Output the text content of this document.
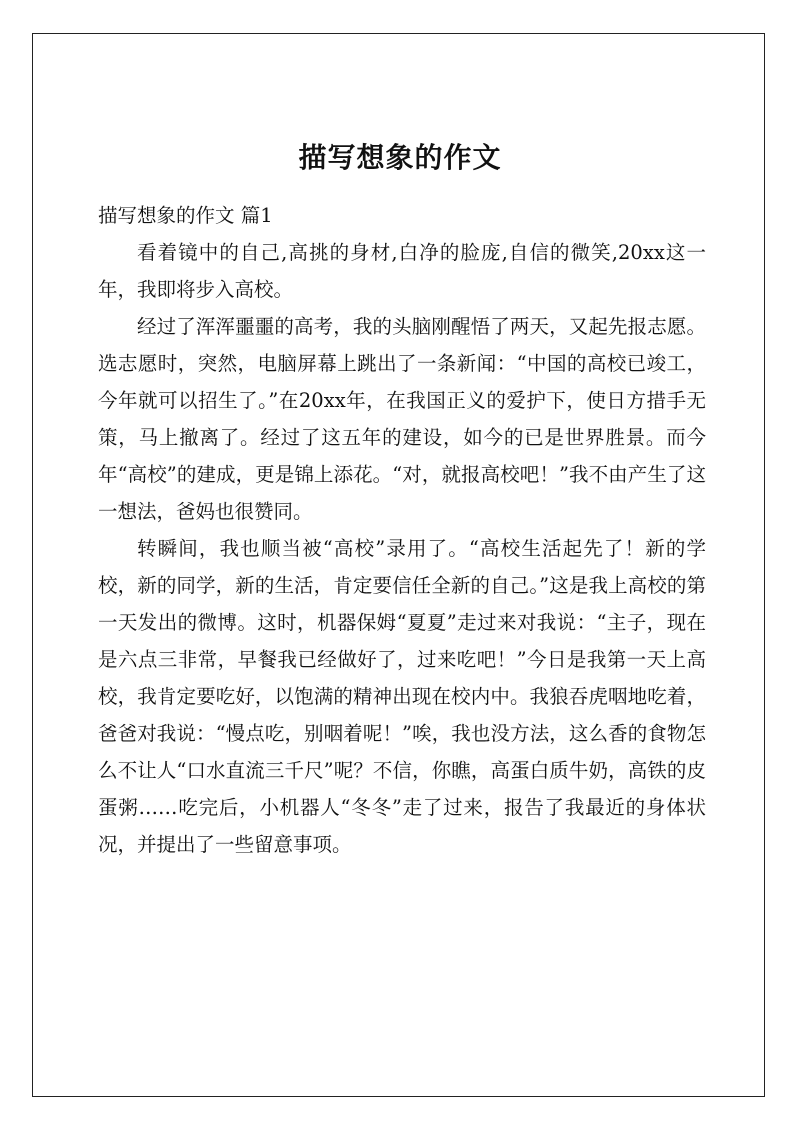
描写想象的作文
描写想象的作文 篇1

看着镜中的自己,高挑的身材,白净的脸庞,自信的微笑,20xx这一年，我即将步入高校。

经过了浑浑噩噩的高考，我的头脑刚醒悟了两天，又起先报志愿。选志愿时，突然，电脑屏幕上跳出了一条新闻：“中国的高校已竣工，今年就可以招生了。”在20xx年，在我国正义的爱护下，使日方措手无策，马上撤离了。经过了这五年的建设，如今的已是世界胜景。而今年“高校”的建成，更是锦上添花。“对，就报高校吧！”我不由产生了这一想法，爸妈也很赞同。

转瞬间，我也顺当被“高校”录用了。“高校生活起先了！新的学校，新的同学，新的生活，肯定要信任全新的自己。”这是我上高校的第一天发出的微博。这时，机器保姆“夏夏”走过来对我说：“主子，现在是六点三非常，早餐我已经做好了，过来吃吧！”今日是我第一天上高校，我肯定要吃好，以饱满的精神出现在校内中。我狼吞虎咽地吃着，爸爸对我说：“慢点吃，别咽着呢！”唉，我也没方法，这么香的食物怎么不让人“口水直流三千尺”呢？不信，你瞧，高蛋白质牛奶，高铁的皮蛋粥……吃完后，小机器人“冬冬”走了过来，报告了我最近的身体状况，并提出了一些留意事项。
